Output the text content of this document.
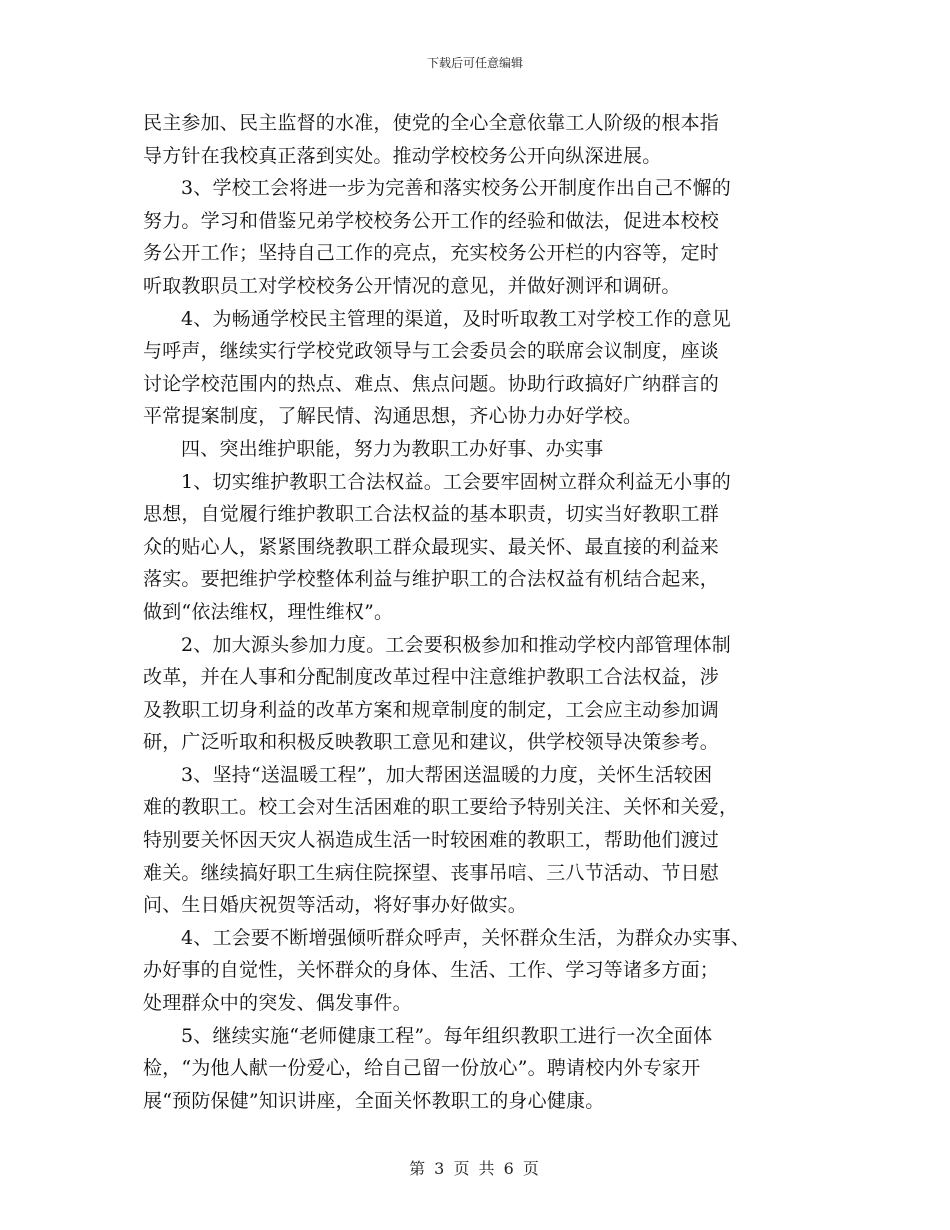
下载后可任意编辑
民主参加、民主监督的水准，使党的全心全意依靠工人阶级的根本指
导方针在我校真正落到实处。推动学校校务公开向纵深进展。
3、学校工会将进一步为完善和落实校务公开制度作出自己不懈的
努力。学习和借鉴兄弟学校校务公开工作的经验和做法，促进本校校
务公开工作；坚持自己工作的亮点，充实校务公开栏的内容等，定时
听取教职员工对学校校务公开情况的意见，并做好测评和调研。
4、为畅通学校民主管理的渠道，及时听取教工对学校工作的意见
与呼声，继续实行学校党政领导与工会委员会的联席会议制度，座谈
讨论学校范围内的热点、难点、焦点问题。协助行政搞好广纳群言的
平常提案制度，了解民情、沟通思想，齐心协力办好学校。
四、突出维护职能，努力为教职工办好事、办实事
1、切实维护教职工合法权益。工会要牢固树立群众利益无小事的
思想，自觉履行维护教职工合法权益的基本职责，切实当好教职工群
众的贴心人，紧紧围绕教职工群众最现实、最关怀、最直接的利益来
落实。要把维护学校整体利益与维护职工的合法权益有机结合起来，
做到“依法维权，理性维权”。
2、加大源头参加力度。工会要积极参加和推动学校内部管理体制
改革，并在人事和分配制度改革过程中注意维护教职工合法权益，涉
及教职工切身利益的改革方案和规章制度的制定，工会应主动参加调
研，广泛听取和积极反映教职工意见和建议，供学校领导决策参考。
3、坚持“送温暖工程”，加大帮困送温暖的力度，关怀生活较困
难的教职工。校工会对生活困难的职工要给予特别关注、关怀和关爱，
特别要关怀因天灾人祸造成生活一时较困难的教职工，帮助他们渡过
难关。继续搞好职工生病住院探望、丧事吊唁、三八节活动、节日慰
问、生日婚庆祝贺等活动，将好事办好做实。
4、工会要不断增强倾听群众呼声，关怀群众生活，为群众办实事、
办好事的自觉性，关怀群众的身体、生活、工作、学习等诸多方面；
处理群众中的突发、偶发事件。
5、继续实施“老师健康工程”。每年组织教职工进行一次全面体
检，“为他人献一份爱心，给自己留一份放心”。聘请校内外专家开
展“预防保健”知识讲座，全面关怀教职工的身心健康。
第 3 页 共 6 页
